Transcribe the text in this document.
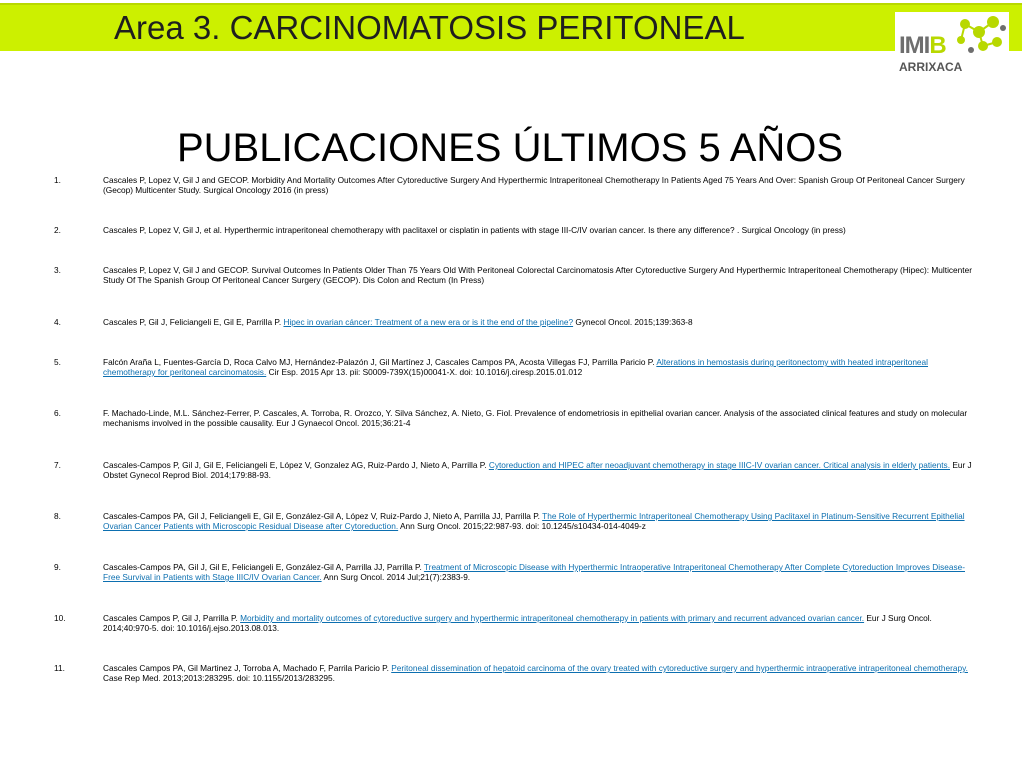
Area 3. CARCINOMATOSIS PERITONEAL	IMIB
ARRIXACA
PUBLICACIONES ÚLTIMOS 5 AÑOS
1.	Cascales P, Lopez V, Gil J and GECOP. Morbidity And Mortality Outcomes After Cytoreductive Surgery And Hyperthermic Intraperitoneal Chemotherapy In Patients Aged 75 Years And Over: Spanish Group Of Peritoneal Cancer Surgery (Gecop) Multicenter Study. Surgical Oncology 2016 (in press)
2.	Cascales P, Lopez V, Gil J, et al. Hyperthermic intraperitoneal chemotherapy with paclitaxel or cisplatin in patients with stage III-C/IV ovarian cancer. Is there any difference? . Surgical Oncology (in press)
3.	Cascales P, Lopez V, Gil J and GECOP. Survival Outcomes In Patients Older Than 75 Years Old With Peritoneal Colorectal Carcinomatosis After Cytoreductive Surgery And Hyperthermic Intraperitoneal Chemotherapy (Hipec): Multicenter Study Of The Spanish Group Of Peritoneal Cancer Surgery (GECOP). Dis Colon and Rectum (In Press)
4.	Cascales P, Gil J, Feliciangeli E, Gil E, Parrilla P. Hipec in ovarian cáncer: Treatment of a new era or is it the end of the pipeline? Gynecol Oncol. 2015;139:363-8
5.	Falcón Araña L, Fuentes-García D, Roca Calvo MJ, Hernández-Palazón J, Gil Martínez J, Cascales Campos PA, Acosta Villegas FJ, Parrilla Paricio P. Alterations in hemostasis during peritonectomy with heated intraperitoneal chemotherapy for peritoneal carcinomatosis. Cir Esp. 2015 Apr 13. pii: S0009-739X(15)00041-X. doi: 10.1016/j.ciresp.2015.01.012
6.	F. Machado-Linde, M.L. Sánchez-Ferrer, P. Cascales, A. Torroba, R. Orozco, Y. Silva Sánchez, A. Nieto, G. Fiol. Prevalence of endometriosis in epithelial ovarian cancer. Analysis of the associated clinical features and study on molecular mechanisms involved in the possible causality. Eur J Gynaecol Oncol. 2015;36:21-4
7.	Cascales-Campos P, Gil J, Gil E, Feliciangeli E, López V, Gonzalez AG, Ruiz-Pardo J, Nieto A, Parrilla P. Cytoreduction and HIPEC after neoadjuvant chemotherapy in stage IIIC-IV ovarian cancer. Critical analysis in elderly patients. Eur J Obstet Gynecol Reprod Biol. 2014;179:88-93.
8.	Cascales-Campos PA, Gil J, Feliciangeli E, Gil E, González-Gil A, López V, Ruiz-Pardo J, Nieto A, Parrilla JJ, Parrilla P. The Role of Hyperthermic Intraperitoneal Chemotherapy Using Paclitaxel in Platinum-Sensitive Recurrent Epithelial Ovarian Cancer Patients with Microscopic Residual Disease after Cytoreduction. Ann Surg Oncol. 2015;22:987-93. doi: 10.1245/s10434-014-4049-z
9.	Cascales-Campos PA, Gil J, Gil E, Feliciangeli E, González-Gil A, Parrilla JJ, Parrilla P. Treatment of Microscopic Disease with Hyperthermic Intraoperative Intraperitoneal Chemotherapy After Complete Cytoreduction Improves Disease-Free Survival in Patients with Stage IIIC/IV Ovarian Cancer. Ann Surg Oncol. 2014 Jul;21(7):2383-9.
10.	Cascales Campos P, Gil J, Parrilla P. Morbidity and mortality outcomes of cytoreductive surgery and hyperthermic intraperitoneal chemotherapy in patients with primary and recurrent advanced ovarian cancer. Eur J Surg Oncol. 2014;40:970-5. doi: 10.1016/j.ejso.2013.08.013.
11.	Cascales Campos PA, Gil Martinez J, Torroba A, Machado F, Parrila Paricio P. Peritoneal dissemination of hepatoid carcinoma of the ovary treated with cytoreductive surgery and hyperthermic intraoperative intraperitoneal chemotherapy. Case Rep Med. 2013;2013:283295. doi: 10.1155/2013/283295.
